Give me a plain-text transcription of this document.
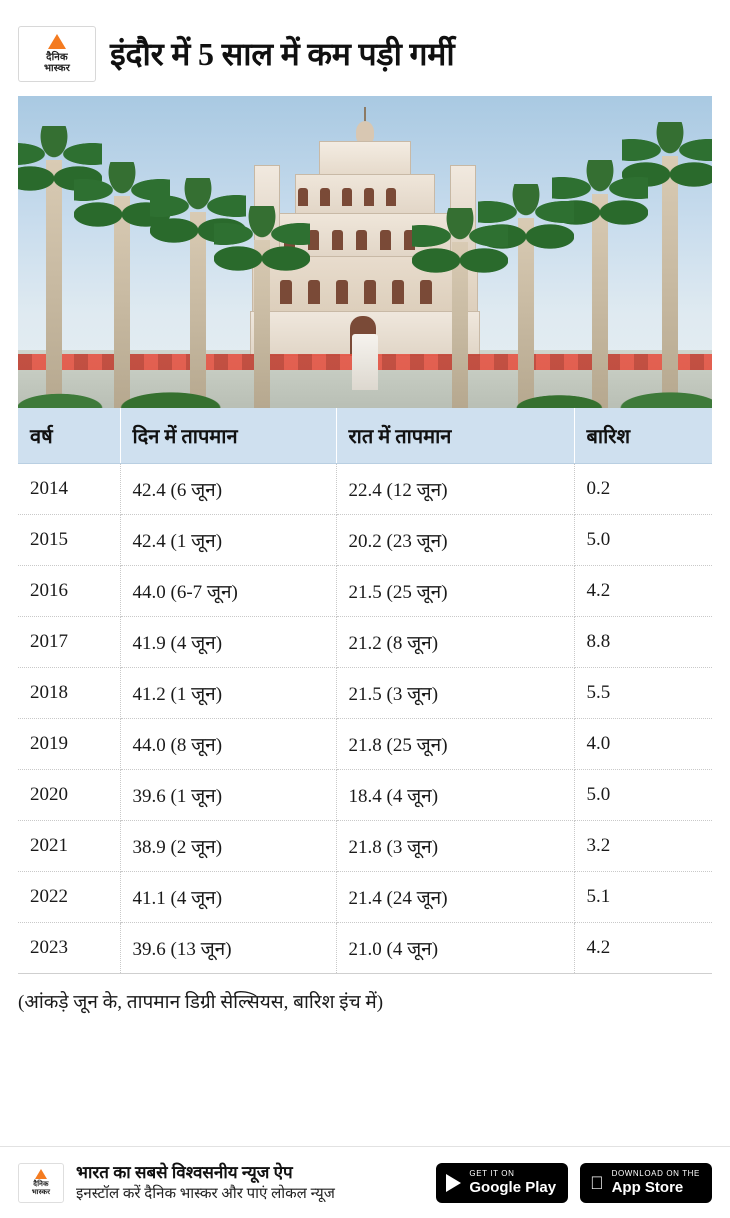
दैनिक
भास्कर इंदौर में 5 साल में कम पड़ी गर्मी
वर्ष	दिन में तापमान	रात में तापमान	बारिश
2014	42.4 (6 जून)	22.4 (12 जून)	0.2
2015	42.4 (1 जून)	20.2 (23 जून)	5.0
2016	44.0 (6-7 जून)	21.5 (25 जून)	4.2
2017	41.9 (4 जून)	21.2 (8 जून)	8.8
2018	41.2 (1 जून)	21.5 (3 जून)	5.5
2019	44.0 (8 जून)	21.8 (25 जून)	4.0
2020	39.6 (1 जून)	18.4 (4 जून)	5.0
2021	38.9 (2 जून)	21.8 (3 जून)	3.2
2022	41.1 (4 जून)	21.4 (24 जून)	5.1
2023	39.6 (13 जून)	21.0 (4 जून)	4.2
(आंकड़े जून के, तापमान डिग्री सेल्सियस, बारिश इंच में)
दैनिक
भास्कर
भारत का सबसे विश्वसनीय न्यूज ऐप
इनस्टॉल करें दैनिक भास्कर और पाएं लोकल न्यूज
GET IT ON
Google Play
DOWNLOAD ON THE
App Store
